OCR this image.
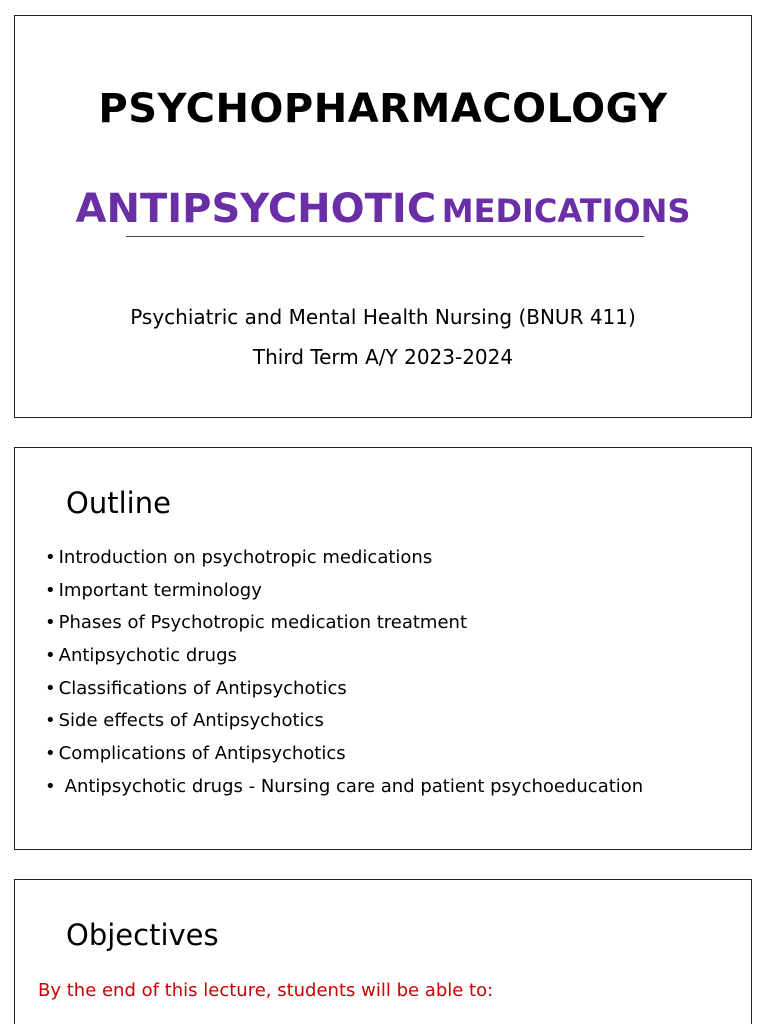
PSYCHOPHARMACOLOGY
ANTIPSYCHOTIC MEDICATIONS
Psychiatric and Mental Health Nursing (BNUR 411)
Third Term A/Y 2023-2024
Outline
• Introduction on psychotropic medications
• Important terminology
• Phases of Psychotropic medication treatment
• Antipsychotic drugs
• Classifications of Antipsychotics
• Side effects of Antipsychotics
• Complications of Antipsychotics
• Antipsychotic drugs - Nursing care and patient psychoeducation
Objectives
By the end of this lecture, students will be able to:
